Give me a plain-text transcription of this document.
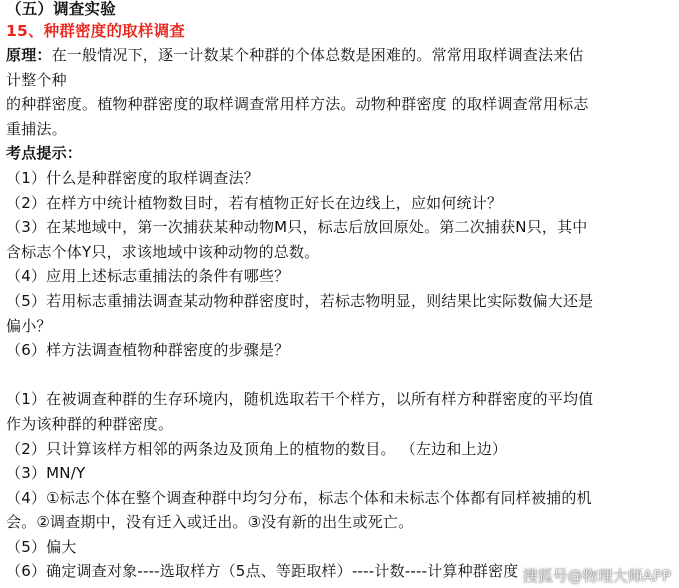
（五）调查实验
15、种群密度的取样调查
原理：在一般情况下，逐一计数某个种群的个体总数是困难的。常常用取样调查法来估
计整个种
的种群密度。植物种群密度的取样调查常用样方法。动物种群密度 的取样调查常用标志
重捕法。
考点提示：
（1）什么是种群密度的取样调查法？
（2）在样方中统计植物数目时，若有植物正好长在边线上，应如何统计？
（3）在某地域中，第一次捕获某种动物M只，标志后放回原处。第二次捕获N只，其中
含标志个体Y只，求该地域中该种动物的总数。
（4）应用上述标志重捕法的条件有哪些？
（5）若用标志重捕法调查某动物种群密度时，若标志物明显，则结果比实际数偏大还是
偏小？
（6）样方法调查植物种群密度的步骤是？
（1）在被调查种群的生存环境内，随机选取若干个样方，以所有样方种群密度的平均值
作为该种群的种群密度。
（2）只计算该样方相邻的两条边及顶角上的植物的数目。 （左边和上边）
（3）MN/Y
（4）①标志个体在整个调查种群中均匀分布，标志个体和未标志个体都有同样被捕的机
会。②调查期中，没有迁入或迁出。③没有新的出生或死亡。
（5）偏大
（6）确定调查对象----选取样方（5点、等距取样）----计数----计算种群密度 搜狐号@物理大师APP
